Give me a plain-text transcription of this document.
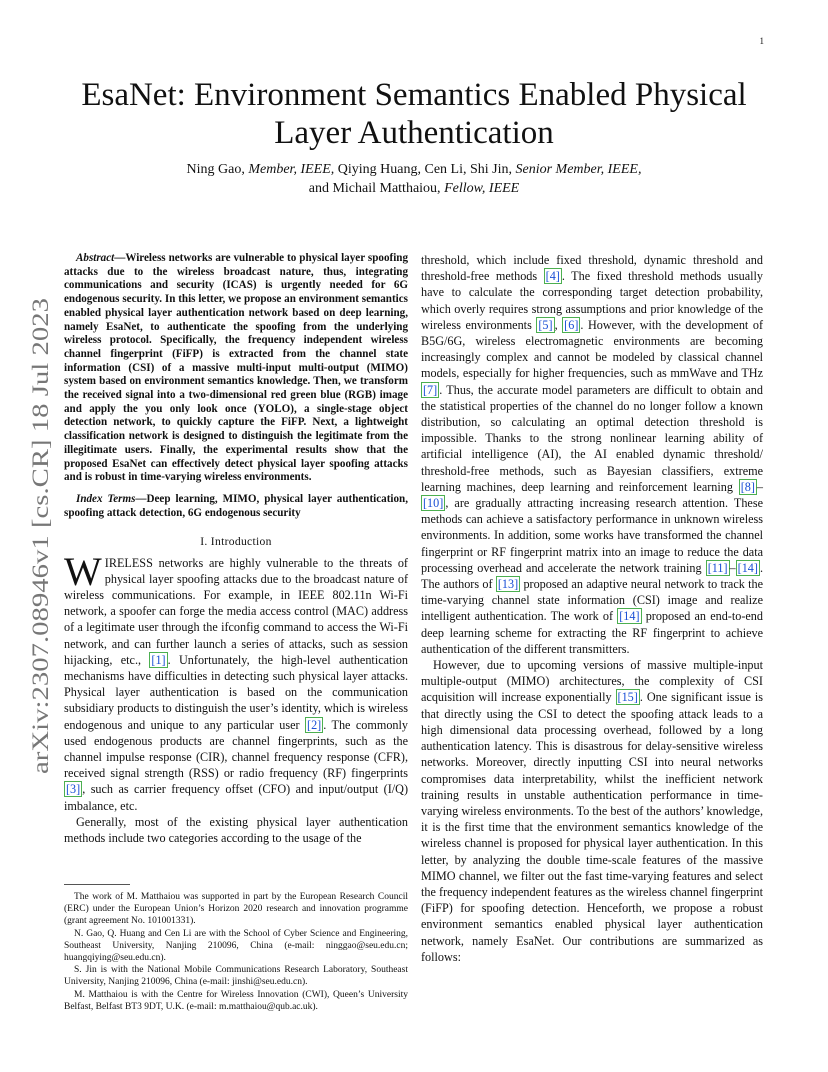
1
arXiv:2307.08946v1 [cs.CR] 18 Jul 2023
EsaNet: Environment Semantics Enabled Physical Layer Authentication
Ning Gao, Member, IEEE, Qiying Huang, Cen Li, Shi Jin, Senior Member, IEEE,
and Michail Matthaiou, Fellow, IEEE

Abstract—Wireless networks are vulnerable to physical layer spoofing attacks due to the wireless broadcast nature, thus, integrating communications and security (ICAS) is urgently needed for 6G endogenous security. In this letter, we propose an environment semantics enabled physical layer authentication network based on deep learning, namely EsaNet, to authenticate the spoofing from the underlying wireless protocol. Specifically, the frequency independent wireless channel fingerprint (FiFP) is extracted from the channel state information (CSI) of a massive multi-input multi-output (MIMO) system based on environment semantics knowledge. Then, we transform the received signal into a two-dimensional red green blue (RGB) image and apply the you only look once (YOLO), a single-stage object detection network, to quickly capture the FiFP. Next, a lightweight classification network is designed to distinguish the legitimate from the illegitimate users. Finally, the experimental results show that the proposed EsaNet can effectively detect physical layer spoofing attacks and is robust in time-varying wireless environments.

Index Terms—Deep learning, MIMO, physical layer authentication, spoofing attack detection, 6G endogenous security

I. Introduction

WIRELESS networks are highly vulnerable to the threats of physical layer spoofing attacks due to the broadcast nature of wireless communications. For example, in IEEE 802.11n Wi-Fi network, a spoofer can forge the media access control (MAC) address of a legitimate user through the ifconfig command to access the Wi-Fi network, and can further launch a series of attacks, such as session hijacking, etc., [1] . Unfortunately, the high-level authentication mechanisms have difficulties in detecting such physical layer attacks. Physical layer authentication is based on the communication subsidiary products to distinguish the user’s identity, which is wireless endogenous and unique to any particular user [2] . The commonly used endogenous products are channel fingerprints, such as the channel impulse response (CIR), channel frequency response (CFR), received signal strength (RSS) or radio frequency (RF) fingerprints [3] , such as carrier frequency offset (CFO) and input/output (I/Q) imbalance, etc.

Generally, most of the existing physical layer authentication methods include two categories according to the usage of the

The work of M. Matthaiou was supported in part by the European Research Council (ERC) under the European Union’s Horizon 2020 research and innovation programme (grant agreement No. 101001331).

N. Gao, Q. Huang and Cen Li are with the School of Cyber Science and Engineering, Southeast University, Nanjing 210096, China (e-mail: ninggao@seu.edu.cn; huangqiying@seu.edu.cn).

S. Jin is with the National Mobile Communications Research Laboratory, Southeast University, Nanjing 210096, China (e-mail: jinshi@seu.edu.cn).

M. Matthaiou is with the Centre for Wireless Innovation (CWI), Queen’s University Belfast, Belfast BT3 9DT, U.K. (e-mail: m.matthaiou@qub.ac.uk).

threshold, which include fixed threshold, dynamic threshold and threshold-free methods [4] . The fixed threshold methods usually have to calculate the corresponding target detection probability, which overly requires strong assumptions and prior knowledge of the wireless environments [5] , [6] . However, with the development of B5G/6G, wireless electromagnetic environments are becoming increasingly complex and cannot be modeled by classical channel models, especially for higher frequencies, such as mmWave and THz [7] . Thus, the accurate model parameters are difficult to obtain and the statistical properties of the channel do no longer follow a known distribution, so calculating an optimal detection threshold is impossible. Thanks to the strong nonlinear learning ability of artificial intelligence (AI), the AI enabled dynamic threshold/ threshold-free methods, such as Bayesian classifiers, extreme learning machines, deep learning and reinforcement learning [8] –[10] , are gradually attracting increasing research attention. These methods can achieve a satisfactory performance in unknown wireless environments. In addition, some works have transformed the channel fingerprint or RF fingerprint matrix into an image to reduce the data processing overhead and accelerate the network training [11] – [14] . The authors of [13] proposed an adaptive neural network to track the time-varying channel state information (CSI) image and realize intelligent authentication. The work of [14] proposed an end-to-end deep learning scheme for extracting the RF fingerprint to achieve authentication of the different transmitters.

However, due to upcoming versions of massive multiple-input multiple-output (MIMO) architectures, the complexity of CSI acquisition will increase exponentially [15] . One significant issue is that directly using the CSI to detect the spoofing attack leads to a high dimensional data processing overhead, followed by a long authentication latency. This is disastrous for delay-sensitive wireless networks. Moreover, directly inputting CSI into neural networks compromises data interpretability, whilst the inefficient network training results in unstable authentication performance in time-varying wireless environments. To the best of the authors’ knowledge, it is the first time that the environment semantics knowledge of the wireless channel is proposed for physical layer authentication. In this letter, by analyzing the double time-scale features of the massive MIMO channel, we filter out the fast time-varying features and select the frequency independent features as the wireless channel fingerprint (FiFP) for spoofing detection. Henceforth, we propose a robust environment semantics enabled physical layer authentication network, namely EsaNet. Our contributions are summarized as follows:
